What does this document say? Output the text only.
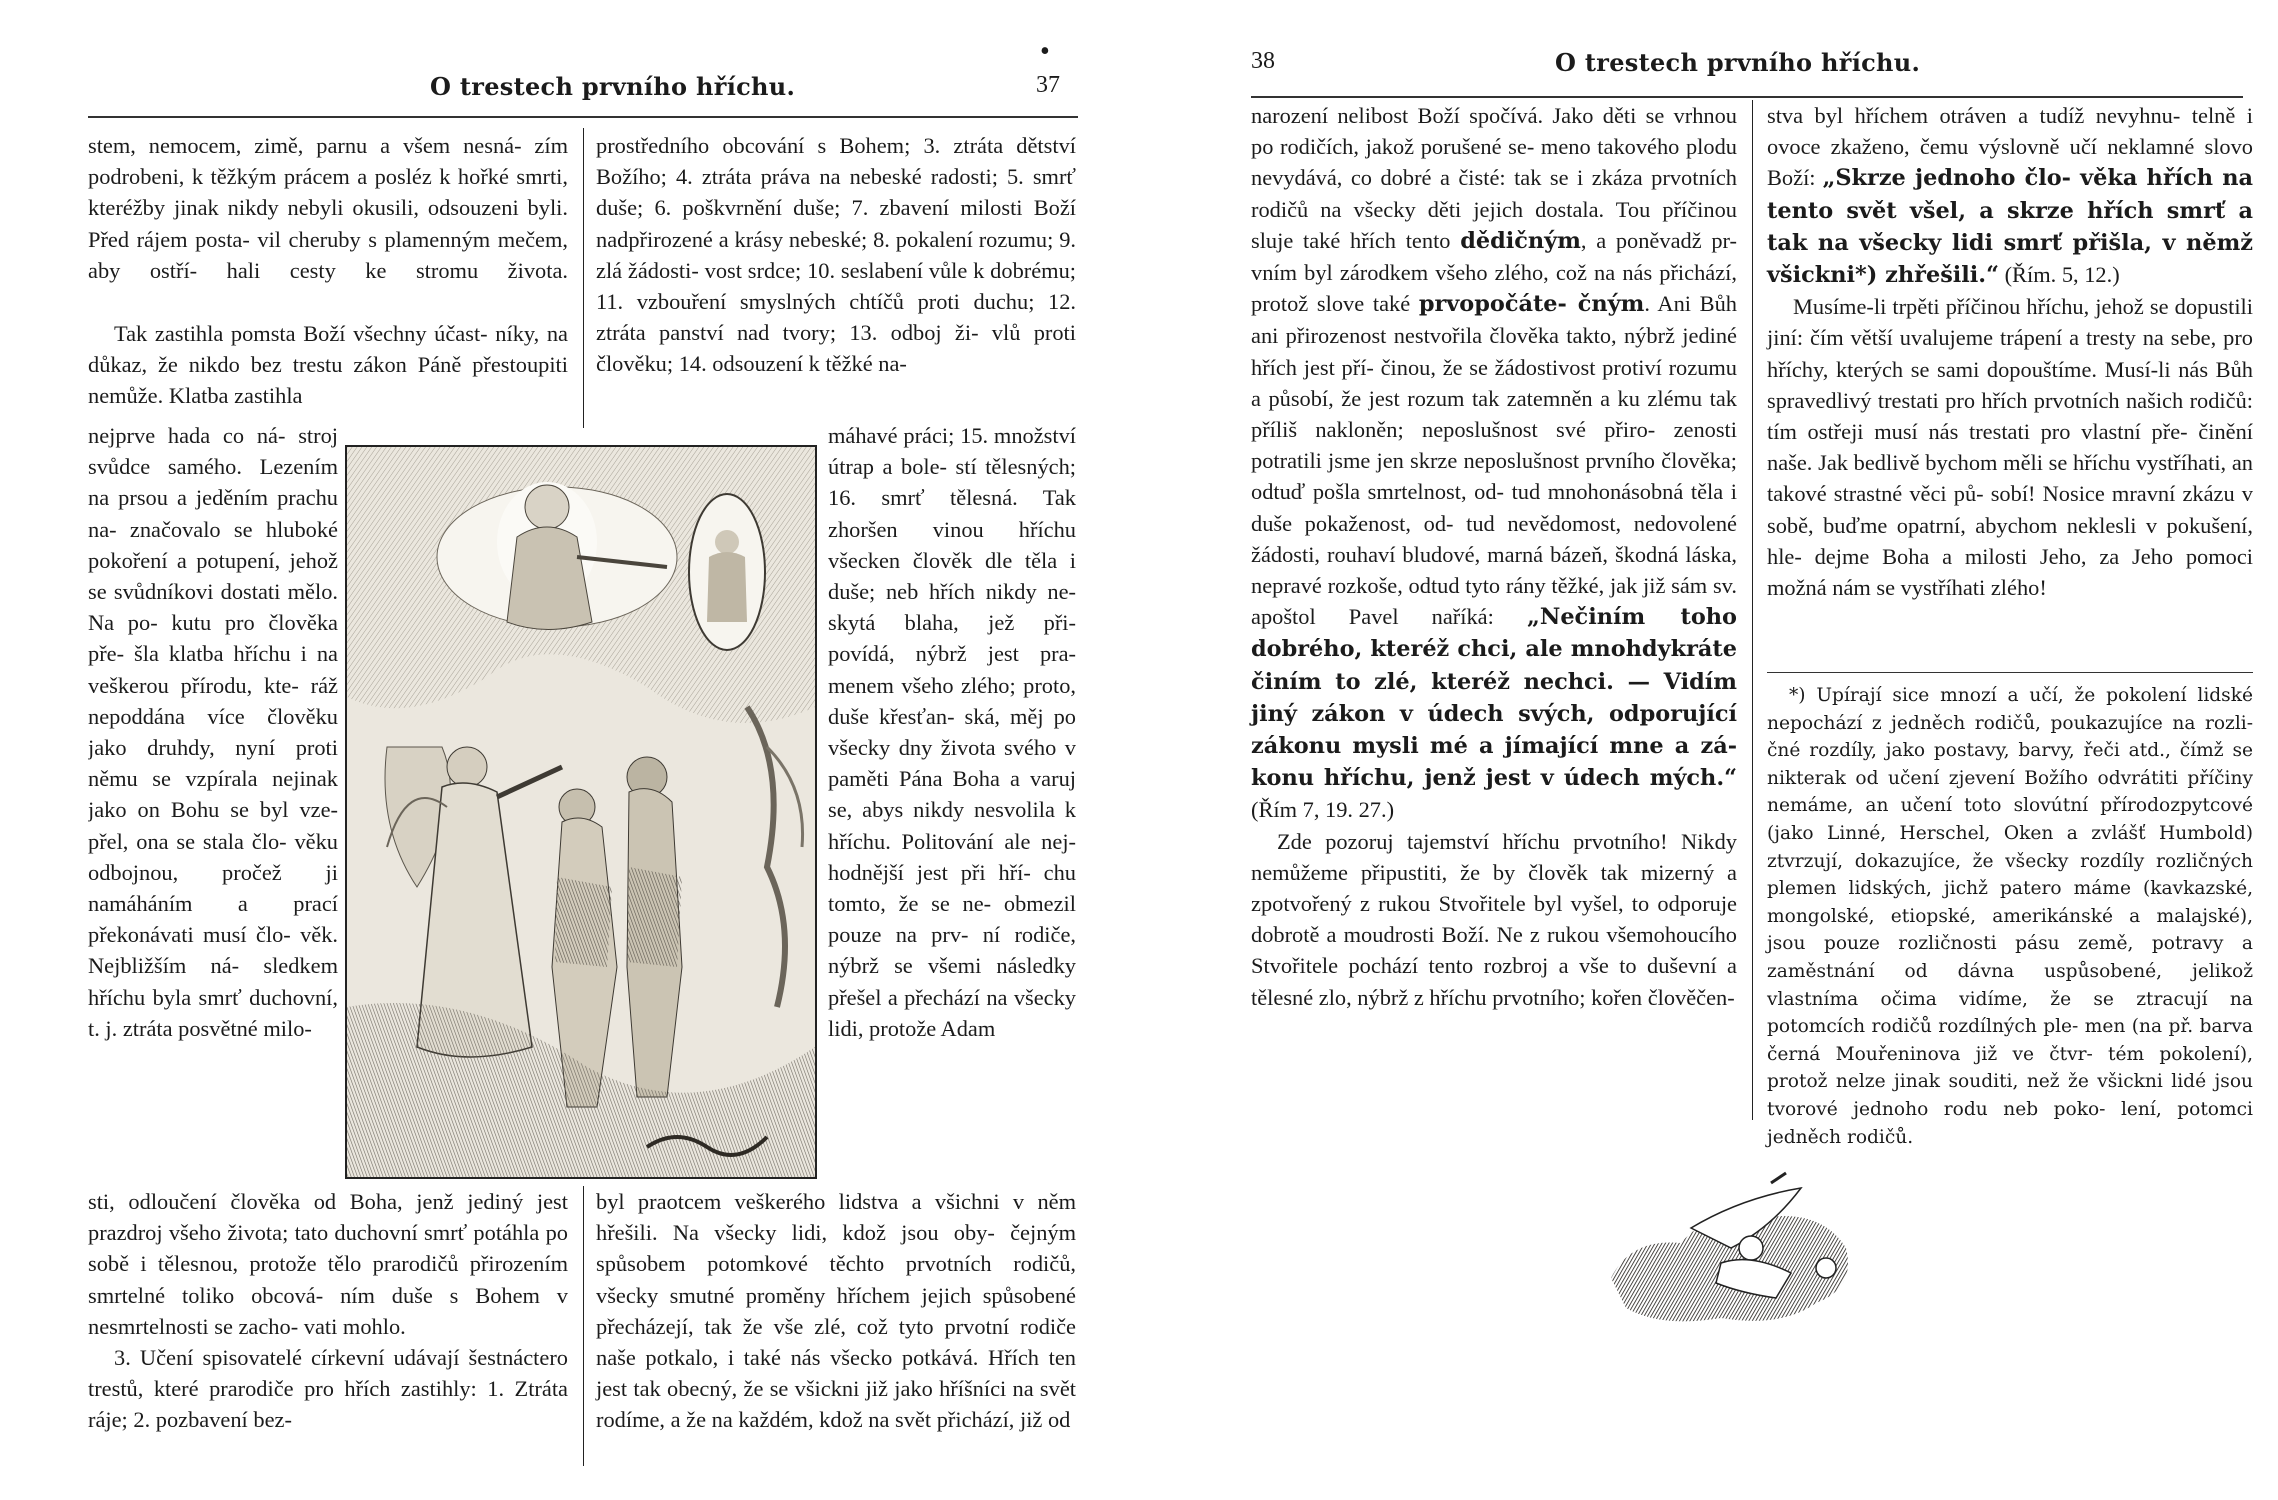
O trestech prvního hříchu.	37
•

stem, nemocem, zimě, parnu a všem nesná- zím podrobeni, k těžkým prácem a posléz k hořké smrti, kteréžby jinak nikdy nebyli okusili, odsouzeni byli. Před rájem posta- vil cheruby s plamenným mečem, aby ostří- hali cesty ke stromu života.

Tak zastihla pomsta Boží všechny účast- níky, na důkaz, že nikdo bez trestu zákon Páně přestoupiti nemůže. Klatba zastihla

nejprve hada co ná- stroj svůdce samého. Lezením na prsou a jeděním prachu na- značovalo se hluboké pokoření a potupení, jehož se svůdníkovi dostati mělo. Na po- kutu pro člověka pře- šla klatba hříchu i na veškerou přírodu, kte- ráž nepoddána více člověku jako druhdy, nyní proti němu se vzpírala nejinak jako on Bohu se byl vze- přel, ona se stala člo- věku odbojnou, pročež ji namáháním a prací překonávati musí člo- věk. Nejbližším ná- sledkem hříchu byla smrť duchovní, t. j. ztráta posvětné milo-

sti, odloučení člověka od Boha, jenž jediný jest prazdroj všeho života; tato duchovní smrť potáhla po sobě i tělesnou, protože tělo prarodičů přirozením smrtelné toliko obcová- ním duše s Bohem v nesmrtelnosti se zacho- vati mohlo.

3. Učení spisovatelé církevní udávají šestnáctero trestů, které prarodiče pro hřích zastihly: 1. Ztráta ráje; 2. pozbavení bez-

prostředního obcování s Bohem; 3. ztráta dětství Božího; 4. ztráta práva na nebeské radosti; 5. smrť duše; 6. poškvrnění duše; 7. zbavení milosti Boží nadpřirozené a krásy nebeské; 8. pokalení rozumu; 9. zlá žádosti- vost srdce; 10. seslabení vůle k dobrému; 11. vzbouření smyslných chtíčů proti duchu; 12. ztráta panství nad tvory; 13. odboj ži- vlů proti člověku; 14. odsouzení k těžké na-

máhavé práci; 15. množství útrap a bole- stí tělesných; 16. smrť tělesná. Tak zhoršen vinou hříchu všecken člověk dle těla i duše; neb hřích nikdy ne- skytá blaha, jež při- povídá, nýbrž jest pra- menem všeho zlého; proto, duše křesťan- ská, měj po všecky dny života svého v paměti Pána Boha a varuj se, abys nikdy nesvolila k hříchu. Politování ale nej- hodnější jest při hří- chu tomto, že se ne- obmezil pouze na prv- ní rodiče, nýbrž se všemi následky přešel a přechází na všecky lidi, protože Adam

byl praotcem veškerého lidstva a všichni v něm hřešili. Na všecky lidi, kdož jsou oby- čejným spůsobem potomkové těchto prvotních rodičů, všecky smutné proměny hříchem jejich spůsobené přecházejí, tak že vše zlé, což tyto prvotní rodiče naše potkalo, i také nás všecko potkává. Hřích ten jest tak obecný, že se všickni již jako hříšníci na svět rodíme, a že na každém, kdož na svět přichází, již od

38	O trestech prvního hříchu.

narození nelibost Boží spočívá. Jako děti se vrhnou po rodičích, jakož porušené se- meno takového plodu nevydává, co dobré a čisté: tak se i zkáza prvotních rodičů na všecky děti jejich dostala. Tou příčinou sluje také hřích tento dědičným, a poněvadž pr- vním byl zárodkem všeho zlého, což na nás přichází, protož slove také prvopočáte- čným. Ani Bůh ani přirozenost nestvořila člověka takto, nýbrž jediné hřích jest pří- činou, že se žádostivost protiví rozumu a působí, že jest rozum tak zatemněn a ku zlému tak příliš nakloněn; neposlušnost své přiro- zenosti potratili jsme jen skrze neposlušnost prvního člověka; odtuď pošla smrtelnost, od- tud mnohonásobná těla i duše pokaženost, od- tud nevědomost, nedovolené žádosti, rouhaví bludové, marná bázeň, škodná láska, nepravé rozkoše, odtud tyto rány těžké, jak již sám sv. apoštol Pavel naříká: „Nečiním toho dobrého, kteréž chci, ale mnohdykráte činím to zlé, kteréž nechci. — Vidím jiný zákon v údech svých, odporující zákonu mysli mé a jímající mne a zá- konu hříchu, jenž jest v údech mých.“ (Řím 7, 19. 27.)

Zde pozoruj tajemství hříchu prvotního! Nikdy nemůžeme připustiti, že by člověk tak mizerný a zpotvořený z rukou Stvořitele byl vyšel, to odporuje dobrotě a moudrosti Boží. Ne z rukou všemohoucího Stvořitele pochází tento rozbroj a vše to duševní a tělesné zlo, nýbrž z hříchu prvotního; kořen člověčen-

stva byl hříchem otráven a tudíž nevyhnu- telně i ovoce zkaženo, čemu výslovně učí neklamné slovo Boží: „Skrze jednoho člo- věka hřích na tento svět všel, a skrze hřích smrť a tak na všecky lidi smrť přišla, v němž všickni*) zhřešili.“ (Řím. 5, 12.)

Musíme-li trpěti příčinou hříchu, jehož se dopustili jiní: čím větší uvalujeme trápení a tresty na sebe, pro hříchy, kterých se sami dopouštíme. Musí-li nás Bůh spravedlivý trestati pro hřích prvotních našich rodičů: tím ostřeji musí nás trestati pro vlastní pře- činění naše. Jak bedlivě bychom měli se hříchu vystříhati, an takové strastné věci pů- sobí! Nosice mravní zkázu v sobě, buďme opatrní, abychom neklesli v pokušení, hle- dejme Boha a milosti Jeho, za Jeho pomoci možná nám se vystříhati zlého!

*) Upírají sice mnozí a učí, že pokolení lidské nepochází z jedněch rodičů, poukazujíce na rozli- čné rozdíly, jako postavy, barvy, řeči atd., čímž se nikterak od učení zjevení Božího odvrátiti příčiny nemáme, an učení toto slovútní přírodozpytcové (jako Linné, Herschel, Oken a zvlášť Humbold) ztvrzují, dokazujíce, že všecky rozdíly rozličných plemen lidských, jichž patero máme (kavkazské, mongolské, etiopské, amerikánské a malajské), jsou pouze rozličnosti pásu země, potravy a zaměstnání od dávna uspůsobené, jelikož vlastníma očima vidíme, že se ztracují na potomcích rodičů rozdílných ple- men (na př. barva černá Mouřeninova již ve čtvr- tém pokolení), protož nelze jinak souditi, než že všickni lidé jsou tvorové jednoho rodu neb poko- lení, potomci jedněch rodičů.
